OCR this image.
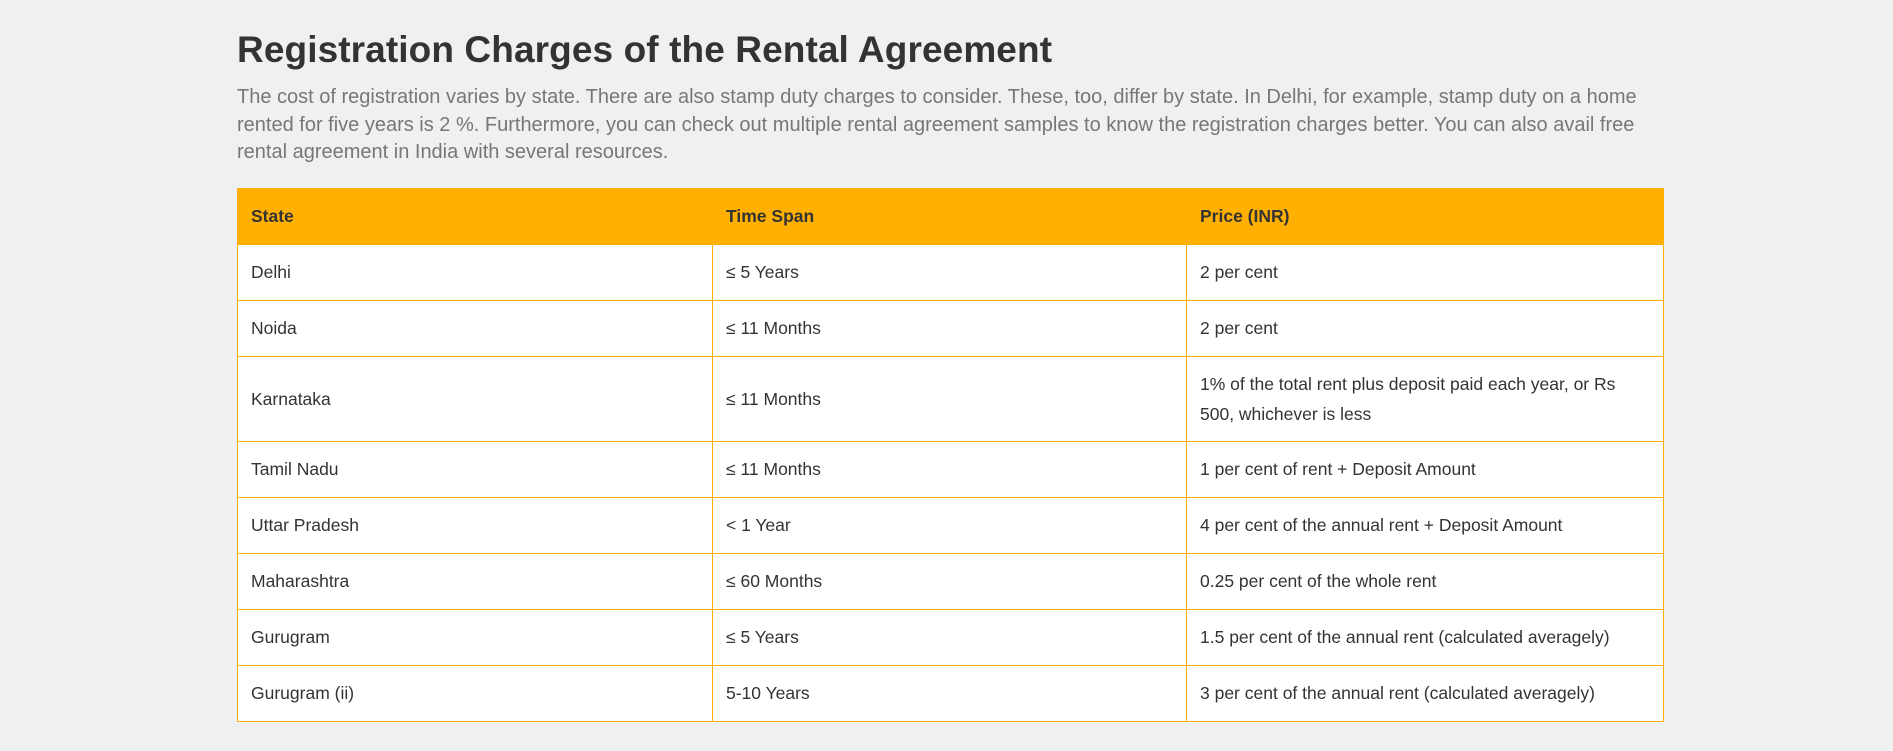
Registration Charges of the Rental Agreement

The cost of registration varies by state. There are also stamp duty charges to consider. These, too, differ by state. In Delhi, for example, stamp duty on a home rented for five years is 2 %. Furthermore, you can check out multiple rental agreement samples to know the registration charges better. You can also avail free rental agreement in India with several resources.

State	Time Span	Price (INR)
Delhi	≤ 5 Years	2 per cent
Noida	≤ 11 Months	2 per cent
Karnataka	≤ 11 Months	1% of the total rent plus deposit paid each year, or Rs 500, whichever is less
Tamil Nadu	≤ 11 Months	1 per cent of rent + Deposit Amount
Uttar Pradesh	< 1 Year	4 per cent of the annual rent + Deposit Amount
Maharashtra	≤ 60 Months	0.25 per cent of the whole rent
Gurugram	≤ 5 Years	1.5 per cent of the annual rent (calculated averagely)
Gurugram (ii)	5-10 Years	3 per cent of the annual rent (calculated averagely)
